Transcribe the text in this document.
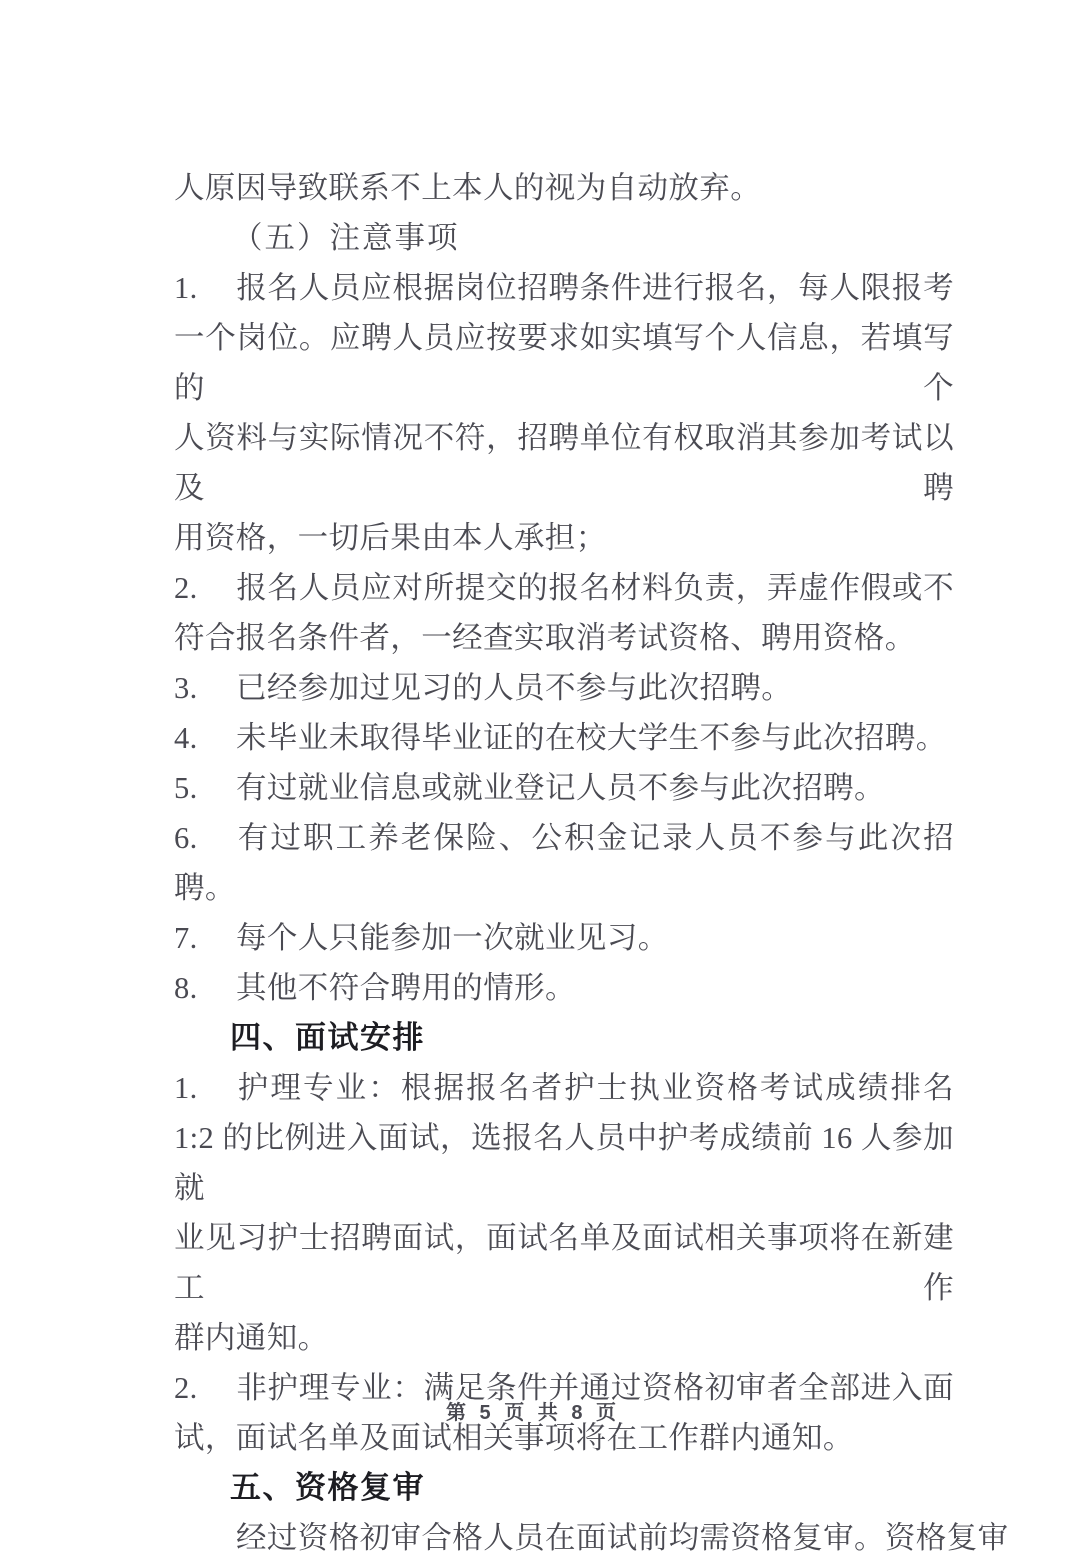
人原因导致联系不上本人的视为自动放弃。
（五）注意事项
1. 报名人员应根据岗位招聘条件进行报名，每人限报考
一个岗位。应聘人员应按要求如实填写个人信息，若填写的个
人资料与实际情况不符，招聘单位有权取消其参加考试以及聘
用资格，一切后果由本人承担；
2. 报名人员应对所提交的报名材料负责，弄虚作假或不
符合报名条件者，一经查实取消考试资格、聘用资格。
3. 已经参加过见习的人员不参与此次招聘。
4. 未毕业未取得毕业证的在校大学生不参与此次招聘。
5. 有过就业信息或就业登记人员不参与此次招聘。
6. 有过职工养老保险、公积金记录人员不参与此次招
聘。
7. 每个人只能参加一次就业见习。
8. 其他不符合聘用的情形。
四、面试安排
1. 护理专业：根据报名者护士执业资格考试成绩排名
1:2 的比例进入面试，选报名人员中护考成绩前 16 人参加就
业见习护士招聘面试，面试名单及面试相关事项将在新建工作
群内通知。
2. 非护理专业：满足条件并通过资格初审者全部进入面
试，面试名单及面试相关事项将在工作群内通知。
五、资格复审
经过资格初审合格人员在面试前均需资格复审。资格复审
第 5 页 共 8 页
